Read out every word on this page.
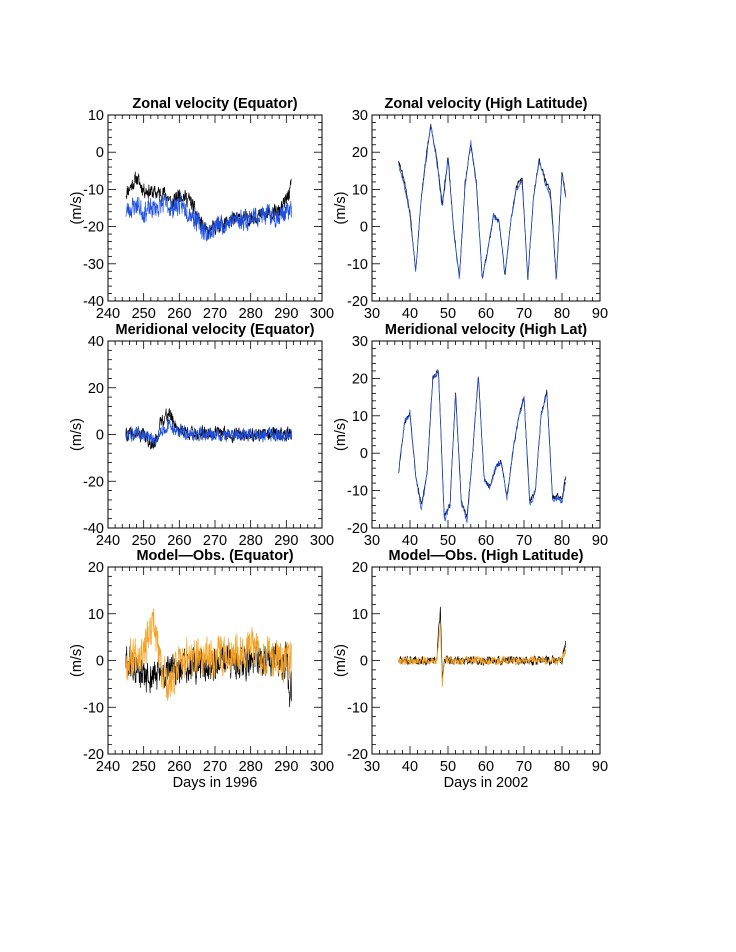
Zonal velocity (Equator)
240 250 260 270 280 290 300
-40
-30
-20
-10
0
10
(m/s)
Zonal velocity (High Latitude)
30 40 50 60 70 80 90
-20
-10
0
10
20
30
(m/s)
Meridional velocity (Equator)
240 250 260 270 280 290 300
-40
-20
0
20
40
(m/s)
Meridional velocity (High Lat)
30 40 50 60 70 80 90
-20
-10
0
10
20
30
(m/s)
Model—Obs. (Equator)
240 250 260 270 280 290 300
-20
-10
0
10
20
(m/s)
Days in 1996
Model—Obs. (High Latitude)
30 40 50 60 70 80 90
-20
-10
0
10
20
(m/s)
Days in 2002
